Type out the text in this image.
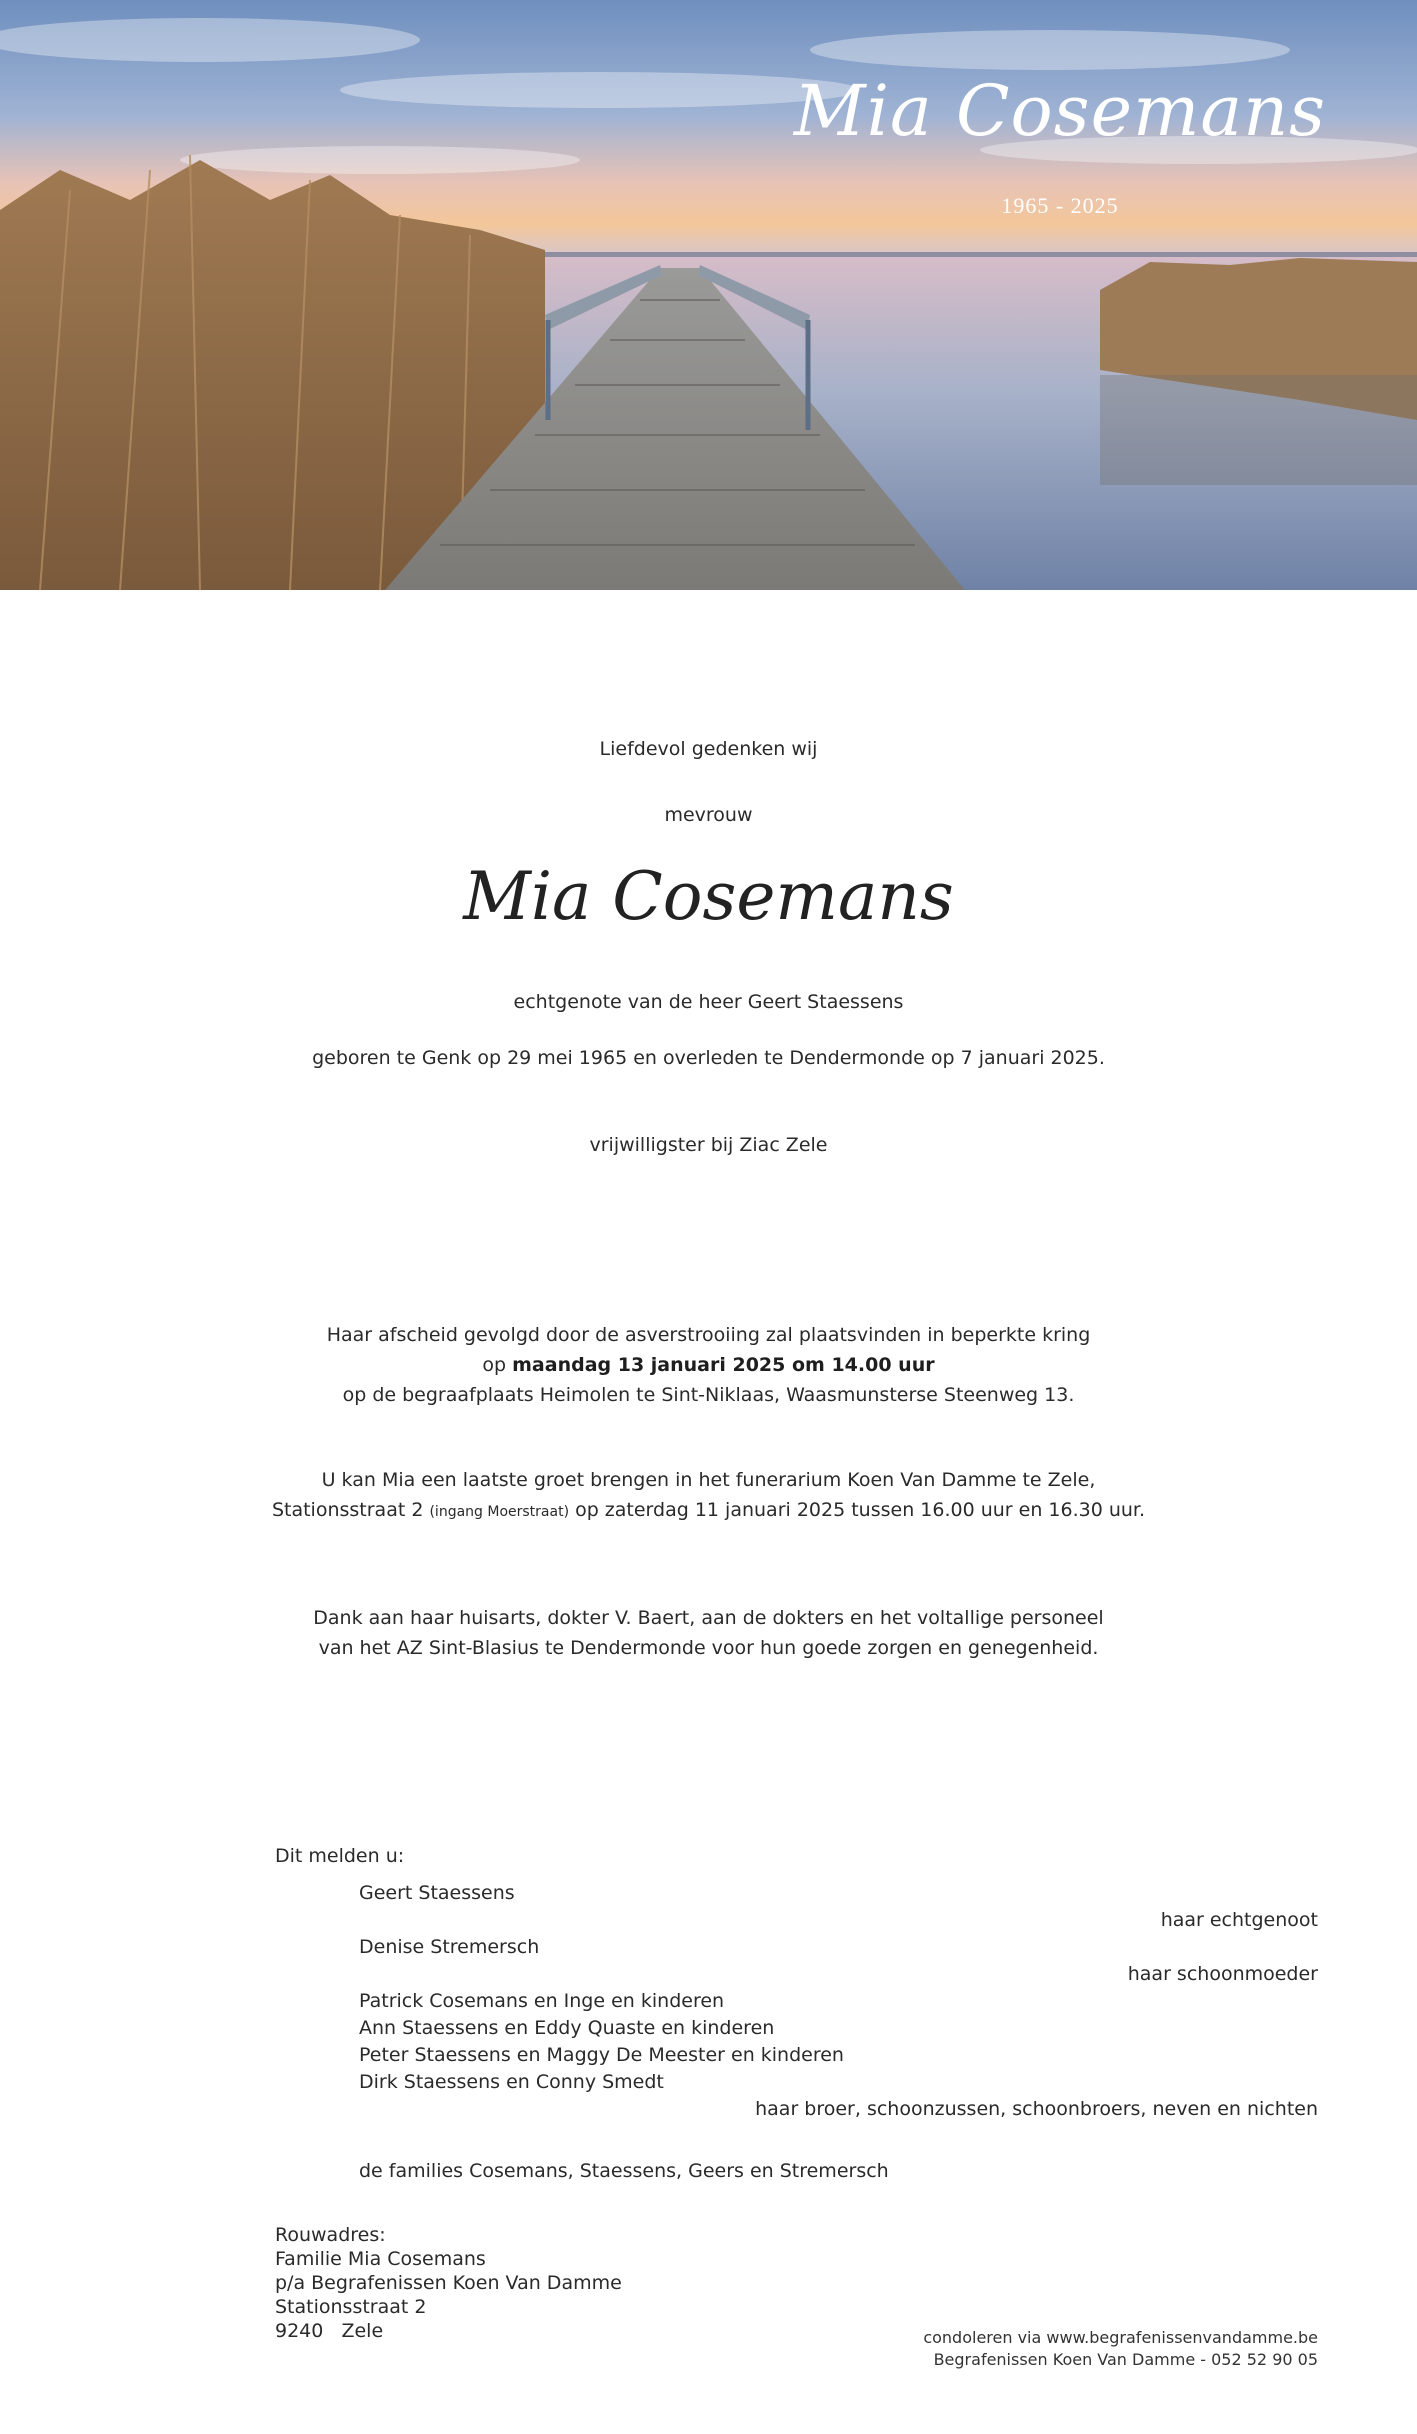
Mia Cosemans
1965 - 2025
Liefdevol gedenken wij
mevrouw
Mia Cosemans
echtgenote van de heer Geert Staessens
geboren te Genk op 29 mei 1965 en overleden te Dendermonde op 7 januari 2025.
vrijwilligster bij Ziac Zele
Haar afscheid gevolgd door de asverstrooiing zal plaatsvinden in beperkte kring
op maandag 13 januari 2025 om 14.00 uur
op de begraafplaats Heimolen te Sint-Niklaas, Waasmunsterse Steenweg 13.
U kan Mia een laatste groet brengen in het funerarium Koen Van Damme te Zele,
Stationsstraat 2 (ingang Moerstraat) op zaterdag 11 januari 2025 tussen 16.00 uur en 16.30 uur.
Dank aan haar huisarts, dokter V. Baert, aan de dokters en het voltallige personeel
van het AZ Sint-Blasius te Dendermonde voor hun goede zorgen en genegenheid.
Dit melden u:
Geert Staessens
haar echtgenoot
Denise Stremersch
haar schoonmoeder
Patrick Cosemans en Inge en kinderen
Ann Staessens en Eddy Quaste en kinderen
Peter Staessens en Maggy De Meester en kinderen
Dirk Staessens en Conny Smedt
haar broer, schoonzussen, schoonbroers, neven en nichten
de families Cosemans, Staessens, Geers en Stremersch
Rouwadres:
Familie Mia Cosemans
p/a Begrafenissen Koen Van Damme
Stationsstraat 2
9240   Zele	condoleren via www.begrafenissenvandamme.be
Begrafenissen Koen Van Damme - 052 52 90 05
